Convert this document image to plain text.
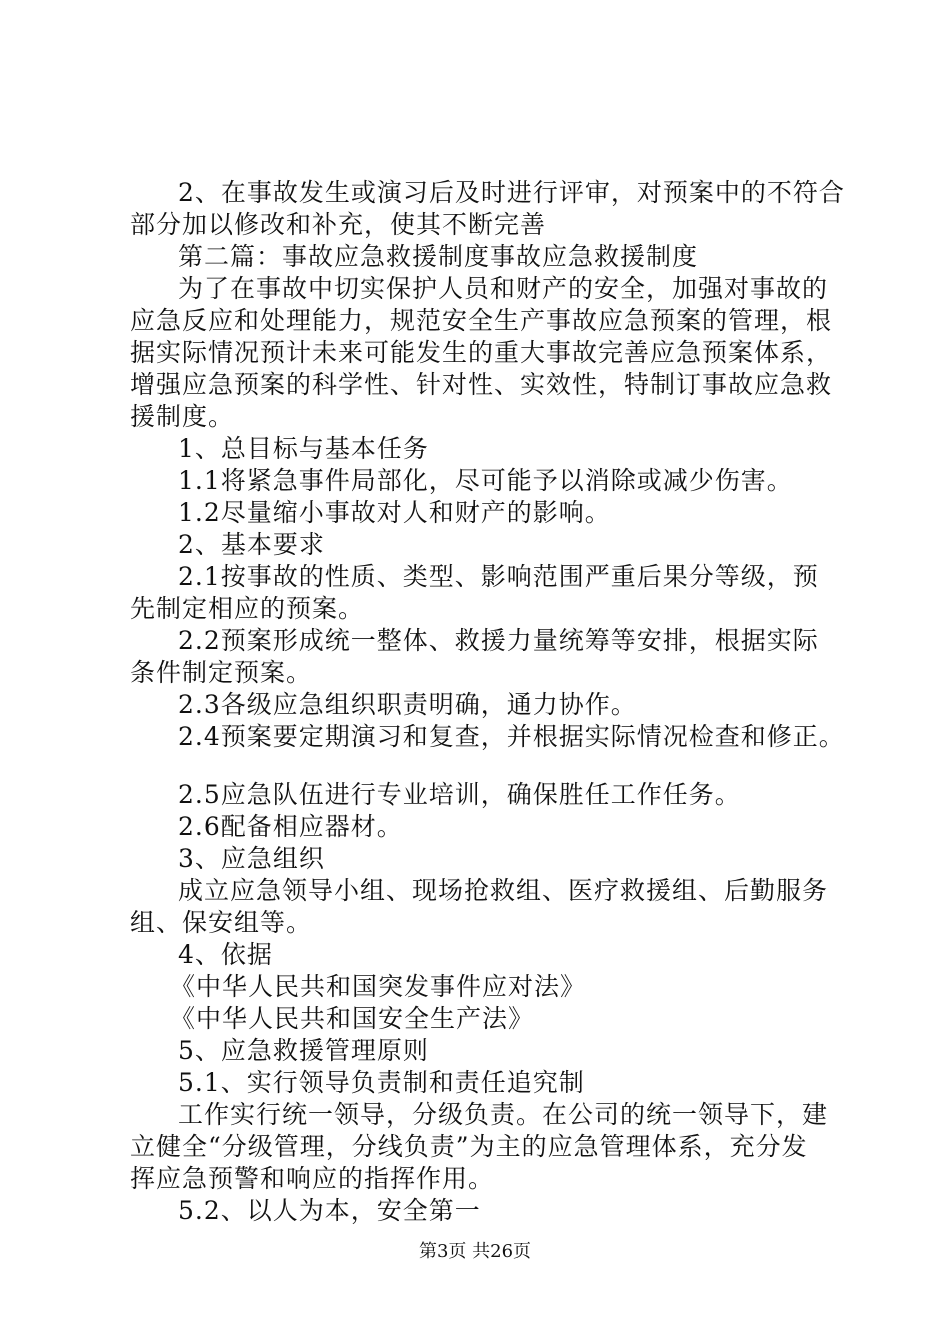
2、在事故发生或演习后及时进行评审，对预案中的不符合
部分加以修改和补充，使其不断完善
第二篇：事故应急救援制度事故应急救援制度
为了在事故中切实保护人员和财产的安全，加强对事故的
应急反应和处理能力，规范安全生产事故应急预案的管理，根
据实际情况预计未来可能发生的重大事故完善应急预案体系，
增强应急预案的科学性、针对性、实效性，特制订事故应急救
援制度。
1、总目标与基本任务
1.1将紧急事件局部化，尽可能予以消除或减少伤害。
1.2尽量缩小事故对人和财产的影响。
2、基本要求
2.1按事故的性质、类型、影响范围严重后果分等级，预
先制定相应的预案。
2.2预案形成统一整体、救援力量统筹等安排，根据实际
条件制定预案。
2.3各级应急组织职责明确，通力协作。
2.4预案要定期演习和复查，并根据实际情况检查和修正。
2.5应急队伍进行专业培训，确保胜任工作任务。
2.6配备相应器材。
3、应急组织
成立应急领导小组、现场抢救组、医疗救援组、后勤服务
组、保安组等。
4、依据
《中华人民共和国突发事件应对法》
《中华人民共和国安全生产法》
5、应急救援管理原则
5.1、实行领导负责制和责任追究制
工作实行统一领导，分级负责。在公司的统一领导下，建
立健全“分级管理，分线负责”为主的应急管理体系，充分发
挥应急预警和响应的指挥作用。
5.2、以人为本，安全第一
第3页 共26页
